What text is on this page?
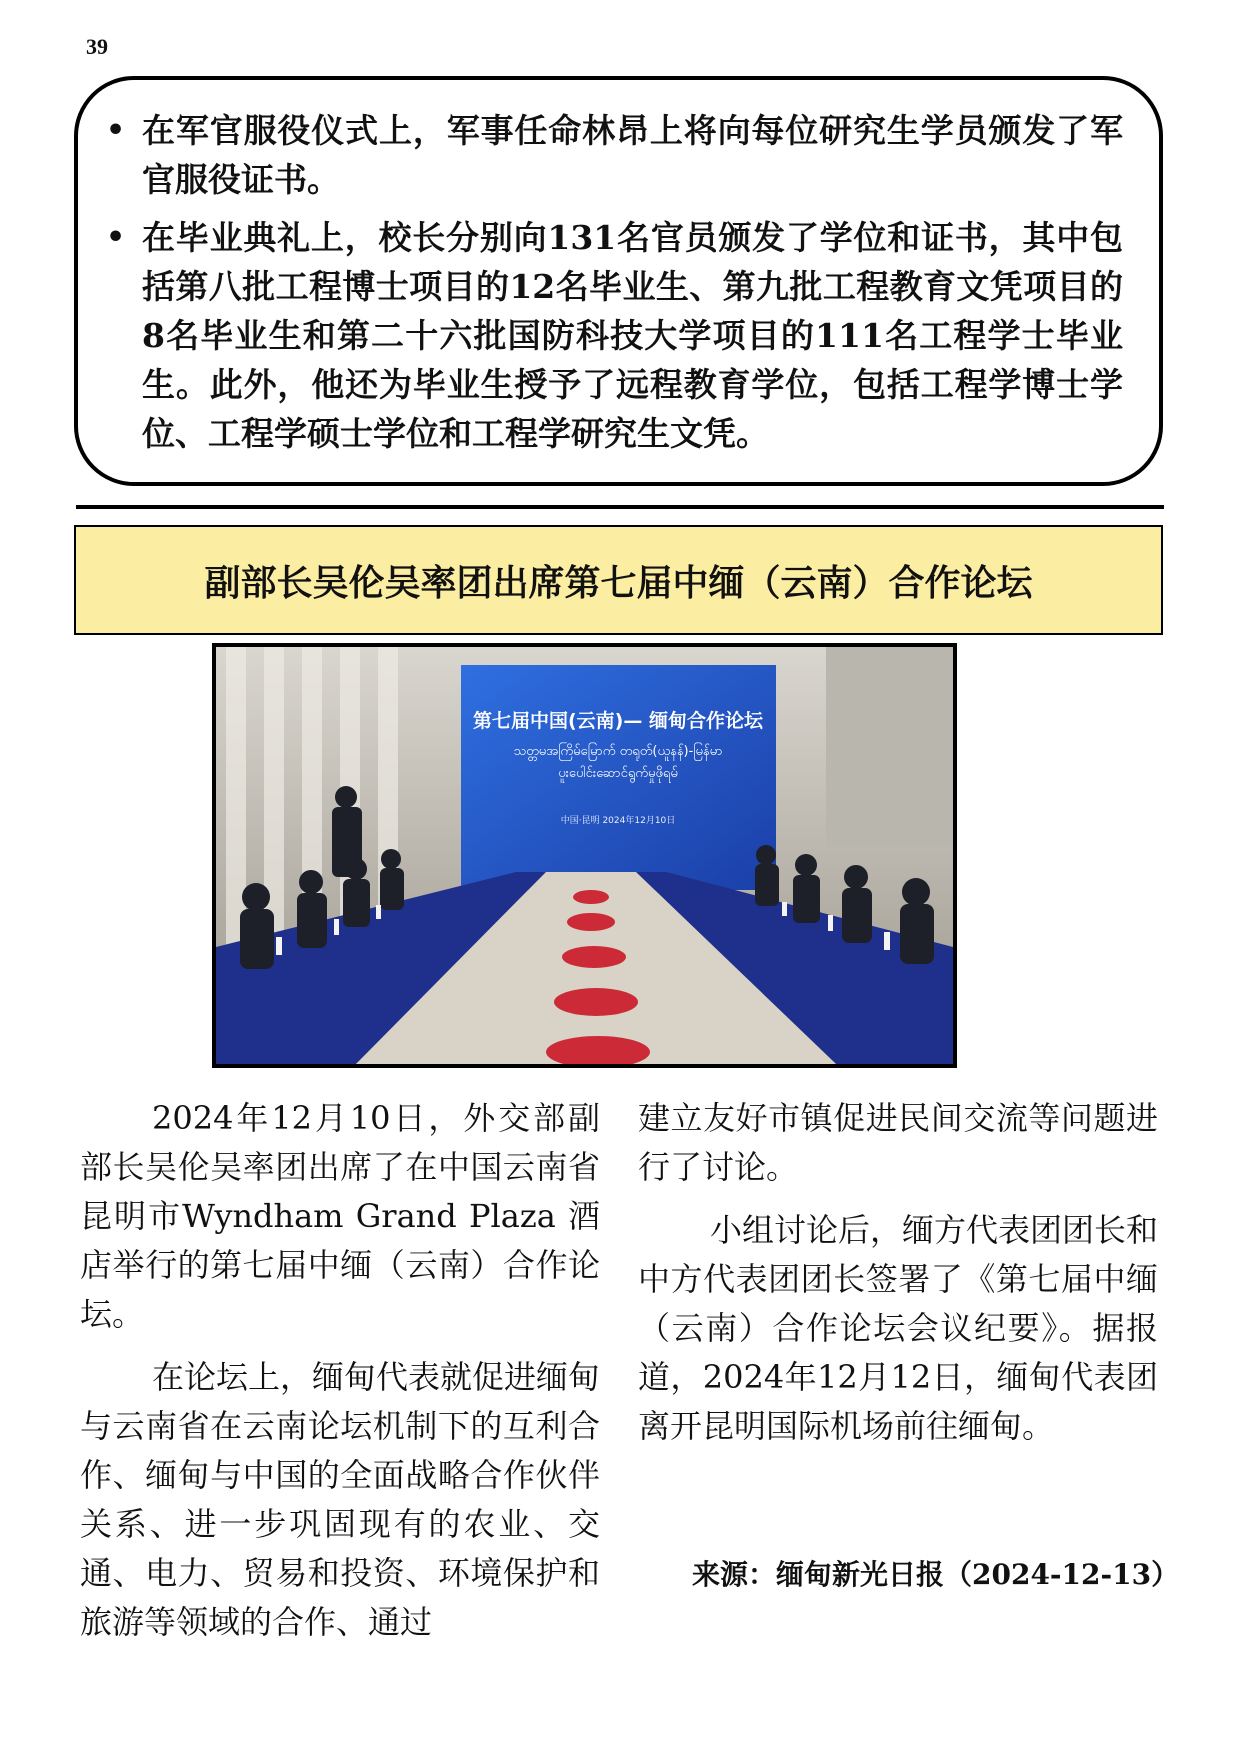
39
• 在军官服役仪式上，军事任命林昂上将向每位研究生学员颁发了军官服役证书。
• 在毕业典礼上，校长分别向131名官员颁发了学位和证书，其中包括第八批工程博士项目的12名毕业生、第九批工程教育文凭项目的8名毕业生和第二十六批国防科技大学项目的111名工程学士毕业生。此外，他还为毕业生授予了远程教育学位，包括工程学博士学位、工程学硕士学位和工程学研究生文凭。
副部长吴伦吴率团出席第七届中缅（云南）合作论坛
第七届中国(云南)— 缅甸合作论坛
သတ္တမအကြိမ်မြောက် တရုတ်(ယူနန်)-မြန်မာ
ပူးပေါင်းဆောင်ရွက်မှုဖိုရမ်
中国·昆明 2024年12月10日

2024年12月10日，外交部副部长吴伦吴率团出席了在中国云南省昆明市Wyndham Grand Plaza 酒店举行的第七届中缅（云南）合作论坛。

在论坛上，缅甸代表就促进缅甸与云南省在云南论坛机制下的互利合作、缅甸与中国的全面战略合作伙伴关系、进一步巩固现有的农业、交通、电力、贸易和投资、环境保护和旅游等领域的合作、通过

建立友好市镇促进民间交流等问题进行了讨论。

小组讨论后，缅方代表团团长和中方代表团团长签署了《第七届中缅（云南）合作论坛会议纪要》。据报道，2024年12月12日，缅甸代表团离开昆明国际机场前往缅甸。

来源：缅甸新光日报（2024-12-13）
